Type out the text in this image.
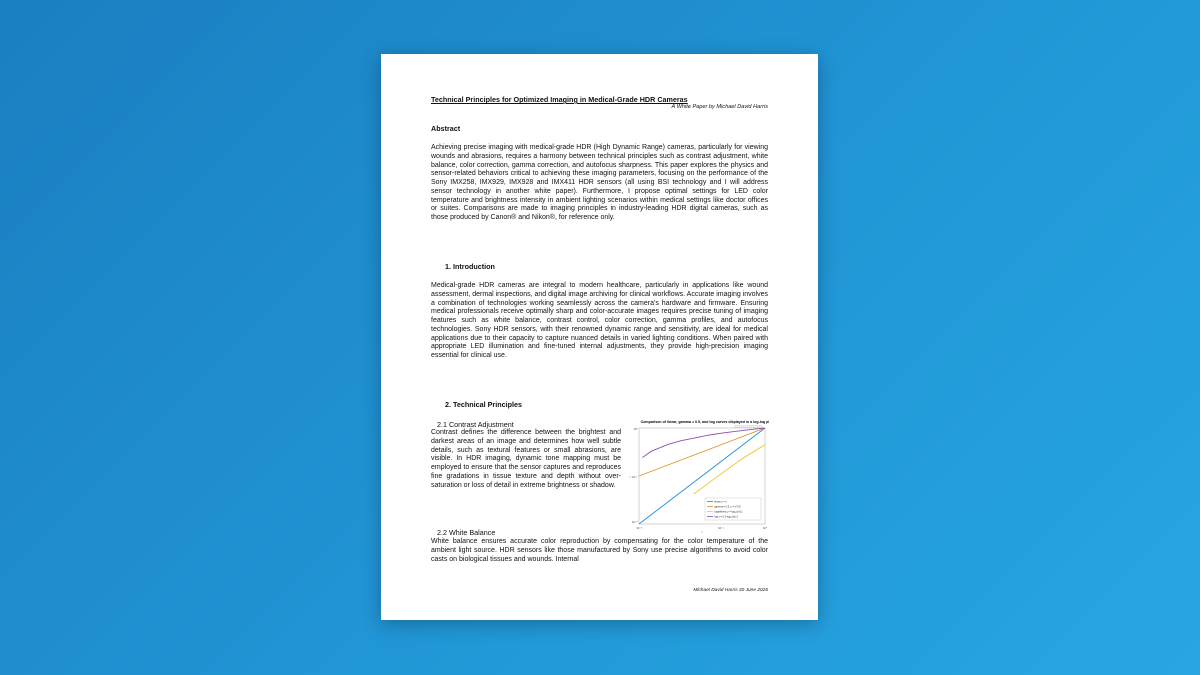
Technical Principles for Optimized Imaging in Medical-Grade HDR Cameras
A White Paper by Michael David Harris
Abstract

Achieving precise imaging with medical-grade HDR (High Dynamic Range) cameras, particularly for viewing wounds and abrasions, requires a harmony between technical principles such as contrast adjustment, white balance, color correction, gamma correction, and autofocus sharpness. This paper explores the physics and sensor-related behaviors critical to achieving these imaging parameters, focusing on the performance of the Sony IMX258, IMX929, IMX928 and IMX411 HDR sensors (all using BSI technology and I will address sensor technology in another white paper). Furthermore, I propose optimal settings for LED color temperature and brightness intensity in ambient lighting scenarios within medical settings like doctor offices or suites. Comparisons are made to imaging principles in industry-leading HDR digital cameras, such as those produced by Canon® and Nikon®, for reference only.

1. Introduction

Medical-grade HDR cameras are integral to modern healthcare, particularly in applications like wound assessment, dermal inspections, and digital image archiving for clinical workflows. Accurate imaging involves a combination of technologies working seamlessly across the camera's hardware and firmware. Ensuring medical professionals receive optimally sharp and color-accurate images requires precise tuning of imaging features such as white balance, contrast control, color correction, gamma profiles, and autofocus technologies. Sony HDR sensors, with their renowned dynamic range and sensitivity, are ideal for medical applications due to their capacity to capture nuanced details in varied lighting conditions. When paired with appropriate LED illumination and fine-tuned internal adjustments, they provide high-precision imaging essential for clinical use.

2. Technical Principles
2.1 Contrast Adjustment

Contrast defines the difference between the brightest and darkest areas of an image and determines how well subtle details, such as textural features or small abrasions, are visible. In HDR imaging, dynamic tone mapping must be employed to ensure that the sensor captures and reproduces fine gradations in tissue texture and depth without over-saturation or loss of detail in extreme brightness or shadow.

Comparison of linear, gamma = 0.5, and log curves displayed in a log-log pl
10⁻³	10⁻¹	10⁰
10⁰
≈ 10⁻¹
10⁻³
x
linear y = x
gamma = 0.5, y = x^0.5
logarithmic y = log₁₀(x+1)
log y = 0.3·log₁₀(x)+1
2.2 White Balance

White balance ensures accurate color reproduction by compensating for the color temperature of the ambient light source. HDR sensors like those manufactured by Sony use precise algorithms to avoid color casts on biological tissues and wounds. Internal

Michael David Harris 30 June 2026
